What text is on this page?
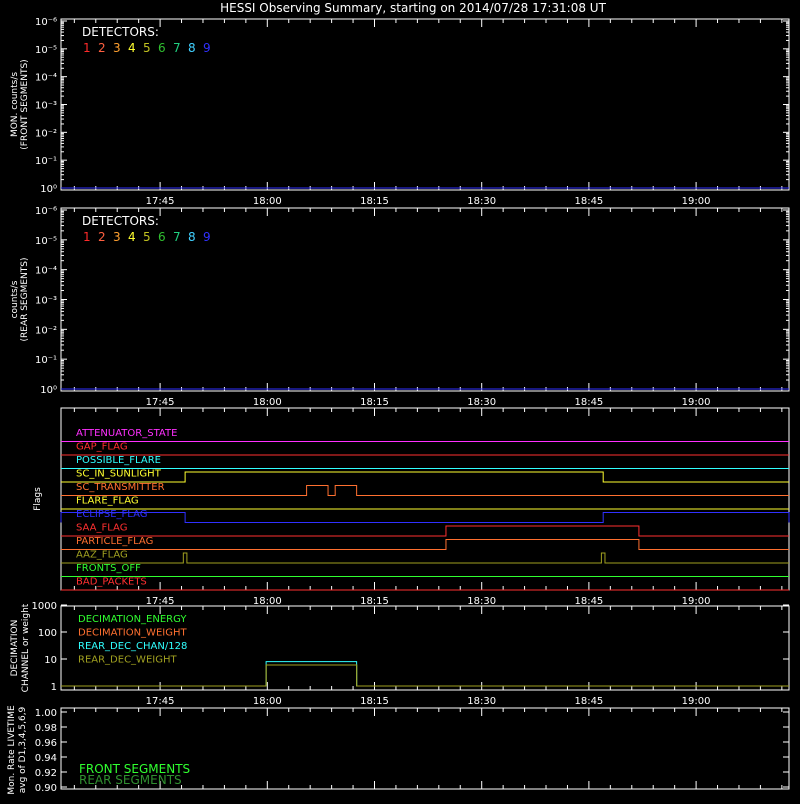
HESSI Observing Summary, starting on 2014/07/28 17:31:08 UT
10⁰
10⁻¹
10⁻²
10⁻³
10⁻⁴
10⁻⁵
10⁻⁶
17:45	18:00	18:15	18:30	18:45	19:00
MON. counts/s(FRONT SEGMENTS)
DETECTORS:
1 2 3 4 5 6 7 8 9
10⁰
10⁻¹
10⁻²
10⁻³
10⁻⁴
10⁻⁵
10⁻⁶
17:45	18:00	18:15	18:30	18:45	19:00
counts/s(REAR SEGMENTS)
DETECTORS:
1 2 3 4 5 6 7 8 9
17:45	18:00	18:15	18:30	18:45	19:00
Flags
ATTENUATOR_STATE
GAP_FLAG
POSSIBLE_FLARE
SC_IN_SUNLIGHT
SC_TRANSMITTER
FLARE_FLAG
ECLIPSE_FLAG
SAA_FLAG
PARTICLE_FLAG
AAZ_FLAG
FRONTS_OFF
BAD_PACKETS
17:45	18:00	18:15	18:30	18:45	19:00
DECIMATION CHANNEL or weight 1
10
100
1000
DECIMATION_ENERGY
DECIMATION_WEIGHT
REAR_DEC_CHAN/128
REAR_DEC_WEIGHT
Mon. Rate LIVETIME avg of D1,3,4,5,6,9 0.90
0.92
0.94
0.96
0.98
1.00
FRONT SEGMENTS
REAR SEGMENTS
